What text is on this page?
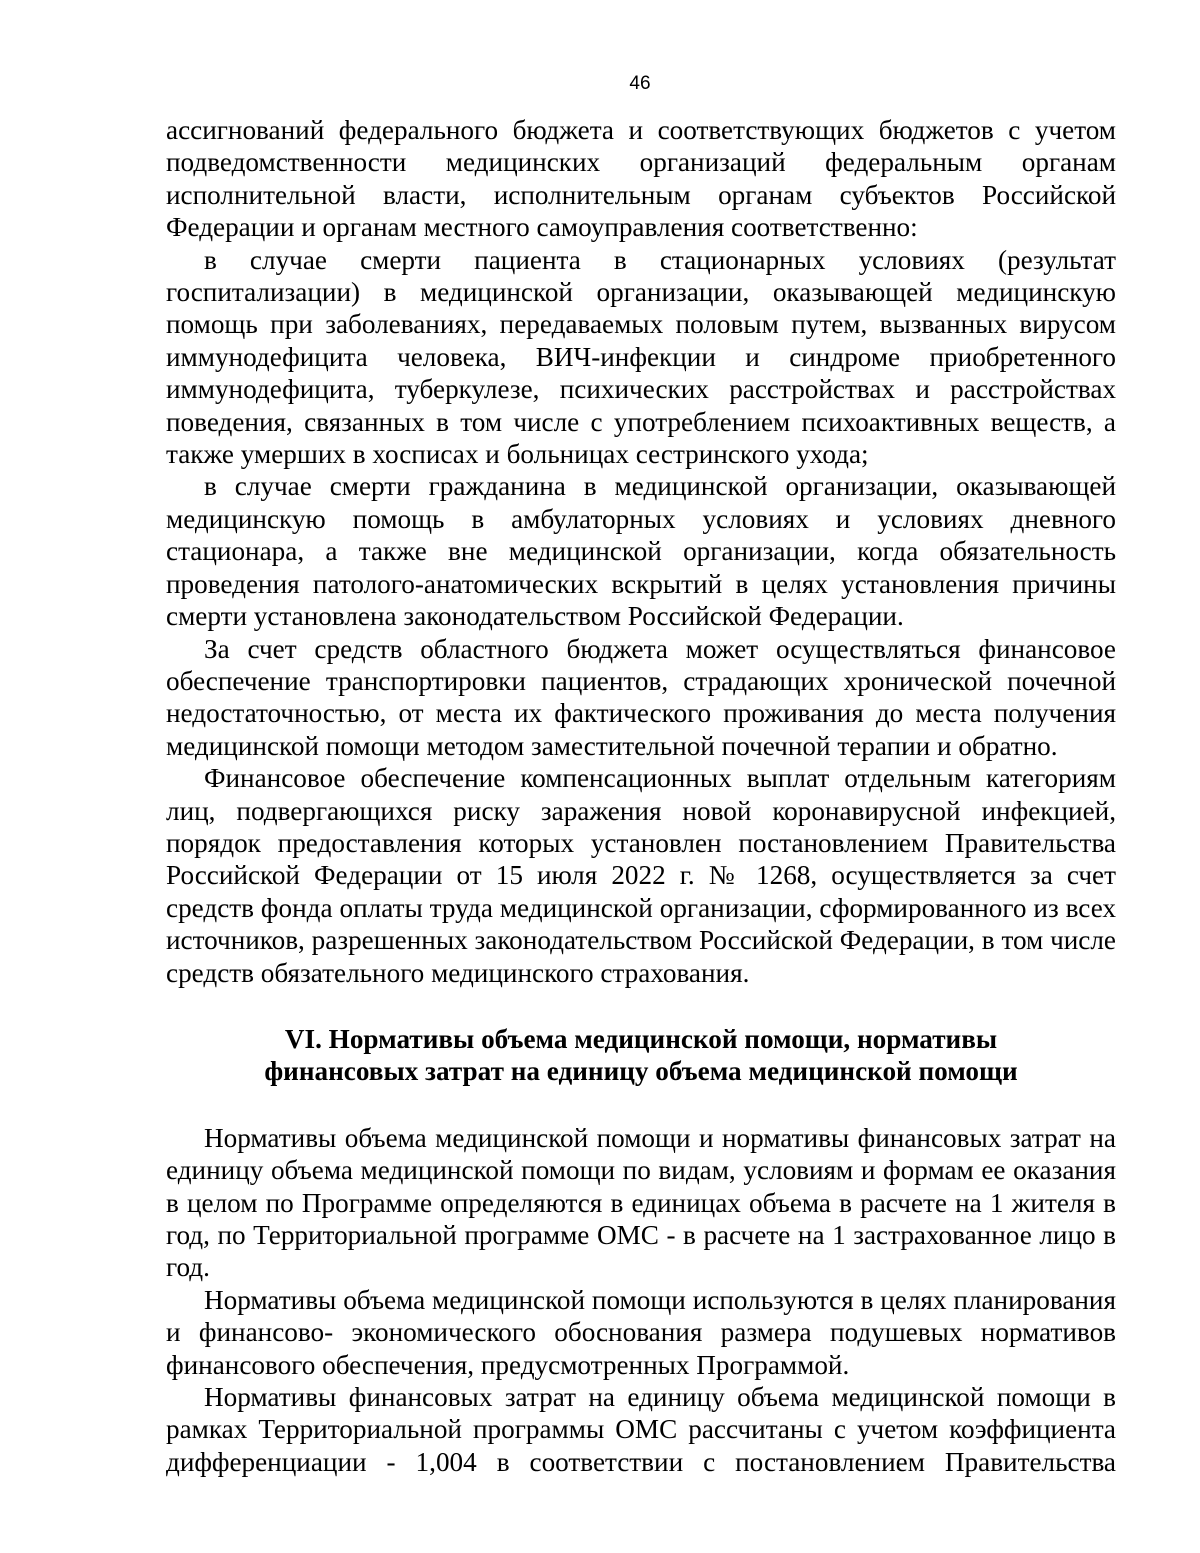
46

ассигнований федерального бюджета и соответствующих бюджетов с учетом подведомственности медицинских организаций федеральным органам исполнительной власти, исполнительным органам субъектов Российской Федерации и органам местного самоуправления соответственно:

в случае смерти пациента в стационарных условиях (результат госпитализации) в медицинской организации, оказывающей медицинскую помощь при заболеваниях, передаваемых половым путем, вызванных вирусом иммунодефицита человека, ВИЧ-инфекции и синдроме приобретенного иммунодефицита, туберкулезе, психических расстройствах и расстройствах поведения, связанных в том числе с употреблением психоактивных веществ, а также умерших в хосписах и больницах сестринского ухода;

в случае смерти гражданина в медицинской организации, оказывающей медицинскую помощь в амбулаторных условиях и условиях дневного стационара, а также вне медицинской организации, когда обязательность проведения патолого-анатомических вскрытий в целях установления причины смерти установлена законодательством Российской Федерации.

За счет средств областного бюджета может осуществляться финансовое обеспечение транспортировки пациентов, страдающих хронической почечной недостаточностью, от места их фактического проживания до места получения медицинской помощи методом заместительной почечной терапии и обратно.

Финансовое обеспечение компенсационных выплат отдельным категориям лиц, подвергающихся риску заражения новой коронавирусной инфекцией, порядок предоставления которых установлен постановлением Правительства Российской Федерации от 15 июля 2022 г. № 1268, осуществляется за счет средств фонда оплаты труда медицинской организации, сформированного из всех источников, разрешенных законодательством Российской Федерации, в том числе средств обязательного медицинского страхования.

VI. Нормативы объема медицинской помощи, нормативы
финансовых затрат на единицу объема медицинской помощи

Нормативы объема медицинской помощи и нормативы финансовых затрат на единицу объема медицинской помощи по видам, условиям и формам ее оказания в целом по Программе определяются в единицах объема в расчете на 1 жителя в год, по Территориальной программе ОМС - в расчете на 1 застрахованное лицо в год.

Нормативы объема медицинской помощи используются в целях планирования и финансово- экономического обоснования размера подушевых нормативов финансового обеспечения, предусмотренных Программой.

Нормативы финансовых затрат на единицу объема медицинской помощи в рамках Территориальной программы ОМС рассчитаны с учетом коэффициента дифференциации - 1,004 в соответствии с постановлением Правительства
